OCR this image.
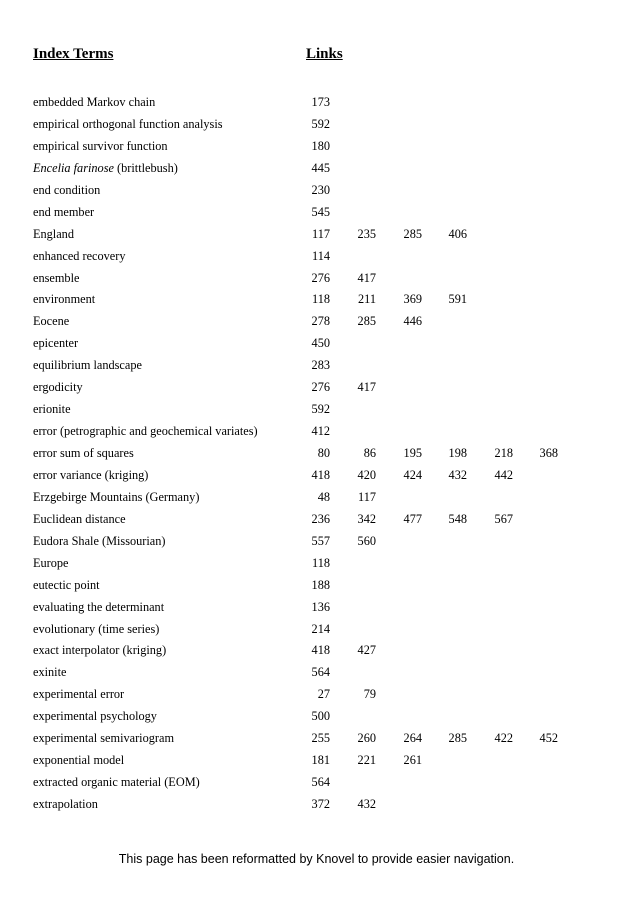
Index Terms	Links
embedded Markov chain	173
empirical orthogonal function analysis	592
empirical survivor function	180
Encelia farinose (brittlebush)	445
end condition	230
end member	545
England	117	235	285	406
enhanced recovery	114
ensemble	276	417
environment	118	211	369	591
Eocene	278	285	446
epicenter	450
equilibrium landscape	283
ergodicity	276	417
erionite	592
error (petrographic and geochemical variates)	412
error sum of squares	80	86	195	198	218	368
error variance (kriging)	418	420	424	432	442
Erzgebirge Mountains (Germany)	48	117
Euclidean distance	236	342	477	548	567
Eudora Shale (Missourian)	557	560
Europe	118
eutectic point	188
evaluating the determinant	136
evolutionary (time series)	214
exact interpolator (kriging)	418	427
exinite	564
experimental error	27	79
experimental psychology	500
experimental semivariogram	255	260	264	285	422	452
exponential model	181	221	261
extracted organic material (EOM)	564
extrapolation	372	432
This page has been reformatted by Knovel to provide easier navigation.
